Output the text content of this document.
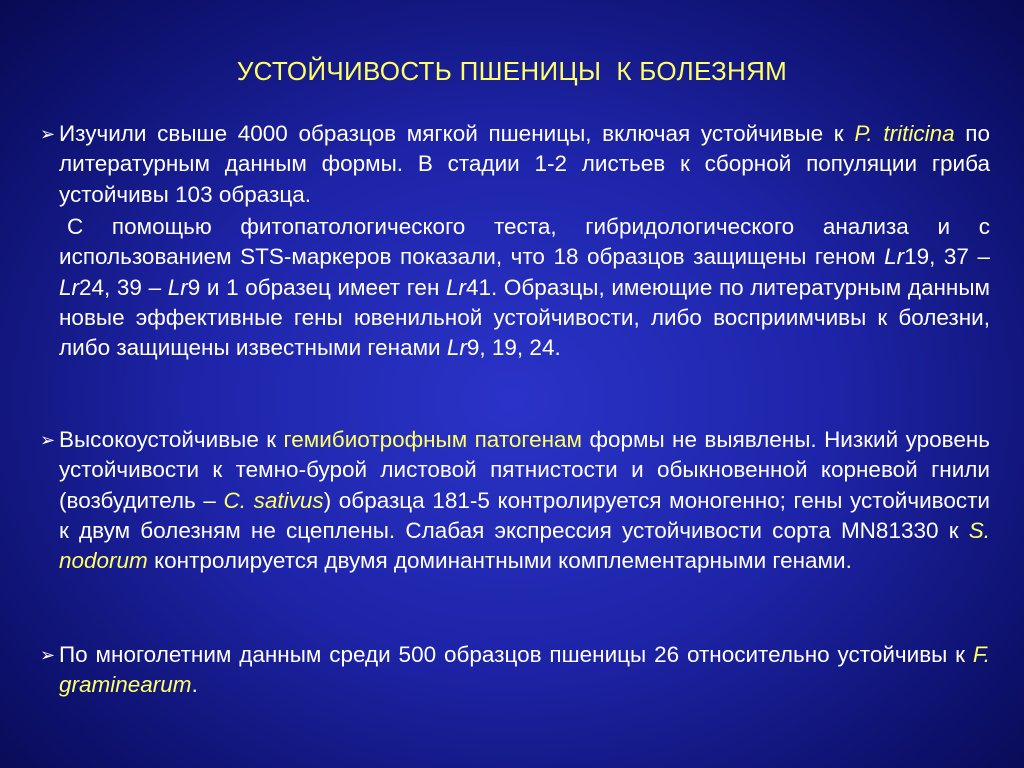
УСТОЙЧИВОСТЬ ПШЕНИЦЫ  К БОЛЕЗНЯМ
➢ Изучили свыше 4000 образцов мягкой пшеницы, включая устойчивые к P. triticina по литературным данным формы. В стадии 1-2 листьев к сборной популяции гриба устойчивы 103 образца.

С помощью фитопатологического теста, гибридологического анализа и с использованием STS-маркеров показали, что 18 образцов защищены геном Lr19, 37 – Lr24, 39 – Lr9 и 1 образец имеет ген Lr41. Образцы, имеющие по литературным данным новые эффективные гены ювенильной устойчивости, либо восприимчивы к болезни, либо защищены известными генами Lr9, 19, 24.

➢ Высокоустойчивые к гемибиотрофным патогенам формы не выявлены. Низкий уровень устойчивости к темно-бурой листовой пятнистости и обыкновенной корневой гнили (возбудитель – C. sativus) образца 181-5 контролируется моногенно; гены устойчивости к двум болезням не сцеплены. Слабая экспрессия устойчивости сорта MN81330 к S. nodorum контролируется двумя доминантными комплементарными генами.

➢ По многолетним данным среди 500 образцов пшеницы 26 относительно устойчивы к F. graminearum.
